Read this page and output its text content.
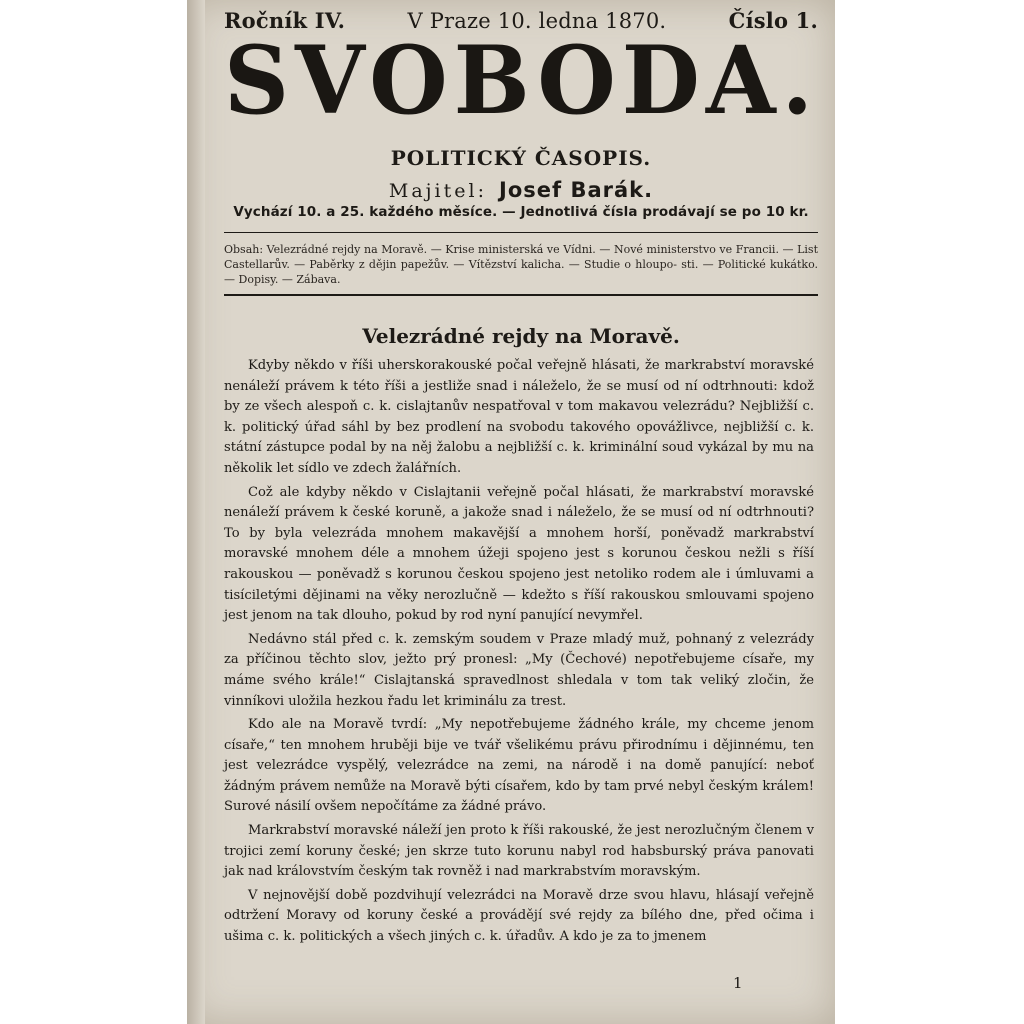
Ročník IV.	V Praze 10. ledna 1870.	Číslo 1.
SVOBODA.
POLITICKÝ ČASOPIS.
Majitel: Josef Barák.
Vychází 10. a 25. každého měsíce. — Jednotlivá čísla prodávají se po 10 kr.
Obsah: Velezrádné rejdy na Moravě. — Krise ministerská ve Vídni. — Nové ministerstvo ve Francii. — List Castellarův. — Paběrky z dějin papežův. — Vítězství kalicha. — Studie o hloupo- sti. — Politické kukátko. — Dopisy. — Zábava.
Velezrádné rejdy na Moravě.

Kdyby někdo v říši uherskorakouské počal veřejně hlásati, že markrabství moravské nenáleží právem k této říši a jestliže snad i náleželo, že se musí od ní odtrhnouti: kdož by ze všech alespoň c. k. cislajtanův nespatřoval v tom makavou velezrádu? Nejbližší c. k. politický úřad sáhl by bez prodlení na svobodu takového opovážlivce, nejbližší c. k. státní zástupce podal by na něj žalobu a nejbližší c. k. kriminální soud vykázal by mu na několik let sídlo ve zdech žalářních.

Což ale kdyby někdo v Cislajtanii veřejně počal hlásati, že markrabství moravské nenáleží právem k české koruně, a jakože snad i náleželo, že se musí od ní odtrhnouti? To by byla velezráda mnohem makavější a mnohem horší, poněvadž markrabství moravské mnohem déle a mnohem úžeji spojeno jest s korunou českou nežli s říší rakouskou — poněvadž s korunou českou spojeno jest netoliko rodem ale i úmluvami a tisíciletými dějinami na věky nerozlučně — kdežto s říší rakouskou smlouvami spojeno jest jenom na tak dlouho, pokud by rod nyní panující nevymřel.

Nedávno stál před c. k. zemským soudem v Praze mladý muž, pohnaný z velezrády za příčinou těchto slov, ježto prý pronesl: „My (Čechové) nepotřebujeme císaře, my máme svého krále!“ Cislajtanská spravedlnost shledala v tom tak veliký zločin, že vinníkovi uložila hezkou řadu let kriminálu za trest.

Kdo ale na Moravě tvrdí: „My nepotřebujeme žádného krále, my chceme jenom císaře,“ ten mnohem hruběji bije ve tvář všelikému právu přirodnímu i dějinnému, ten jest velezrádce vyspělý, velezrádce na zemi, na národě i na domě panující: neboť žádným právem nemůže na Moravě býti císařem, kdo by tam prvé nebyl českým králem! Surové násilí ovšem nepočítáme za žádné právo.

Markrabství moravské náleží jen proto k říši rakouské, že jest nerozlučným členem v trojici zemí koruny české; jen skrze tuto korunu nabyl rod habsburský práva panovati jak nad královstvím českým tak rovněž i nad markrabstvím moravským.

V nejnovější době pozdvihují velezrádci na Moravě drze svou hlavu, hlásají veřejně odtržení Moravy od koruny české a provádějí své rejdy za bílého dne, před očima i ušima c. k. politických a všech jiných c. k. úřadův. A kdo je za to jmenem

1
